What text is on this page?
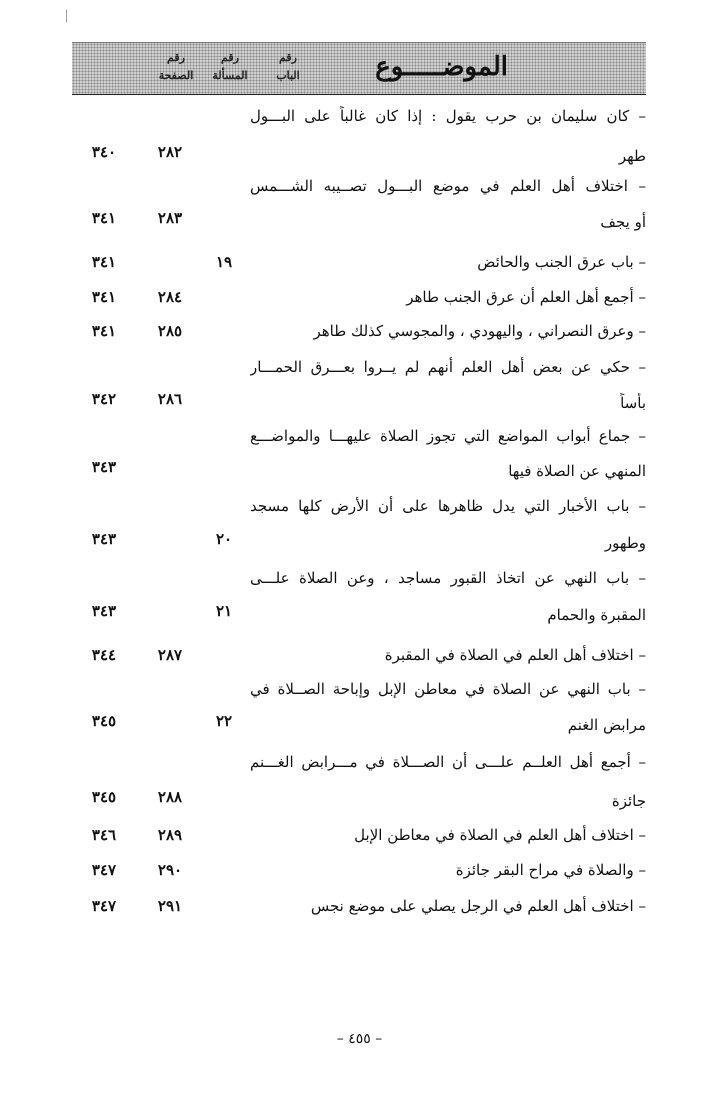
الموضـــــوع
رقم
الباب
رقم
المسألة
رقم
الصفحة
– كان سليمان بن حرب يقول : إذا كان غالباً على البـــول
طهر
٢٨٢
٣٤٠
– اختلاف أهل العلم في موضع البـــول تصــيبه الشـــمس
أو يجف
٢٨٣
٣٤١
– باب عرق الجنب والحائض
١٩
٣٤١
– أجمع أهل العلم أن عرق الجنب طاهر
٢٨٤
٣٤١
– وعرق النصراني ، واليهودي ، والمجوسي كذلك طاهر
٢٨٥
٣٤١
– حكي عن بعض أهل العلم أنهم لم يــروا بعـــرق الحمـــار
بأساً
٢٨٦
٣٤٢
– جماع أبواب المواضع التي تجوز الصلاة عليهـــا والمواضـــع
المنهي عن الصلاة فيها
٣٤٣
– باب الأخبار التي يدل ظاهرها على أن الأرض كلها مسجد
وطهور
٢٠
٣٤٣
– باب النهي عن اتخاذ القبور مساجد ، وعن الصلاة علـــى
المقبرة والحمام
٢١
٣٤٣
– اختلاف أهل العلم في الصلاة في المقبرة
٢٨٧
٣٤٤
– باب النهي عن الصلاة في معاطن الإبل وإباحة الصــلاة في
مرابض الغنم
٢٢
٣٤٥
– أجمع أهل العلــم علـــى أن الصـــلاة في مـــرابض الغـــنم
جائزة
٢٨٨
٣٤٥
– اختلاف أهل العلم في الصلاة في معاطن الإبل
٢٨٩
٣٤٦
– والصلاة في مراح البقر جائزة
٢٩٠
٣٤٧
– اختلاف أهل العلم في الرجل يصلي على موضع نجس
٢٩١
٣٤٧
– ٤٥٥ –
